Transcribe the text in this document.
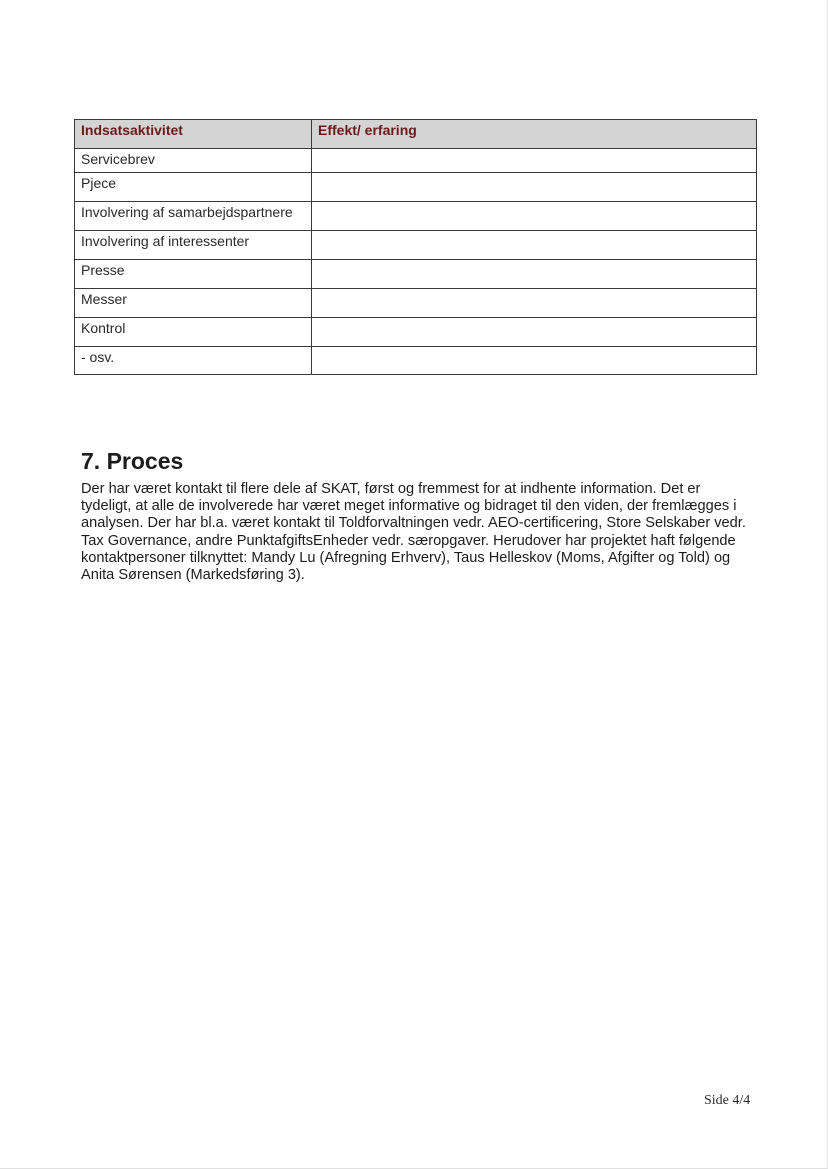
Indsatsaktivitet	Effekt/ erfaring
Servicebrev	
Pjece	
Involvering af samarbejdspartnere	
Involvering af interessenter	
Presse	
Messer	
Kontrol	
- osv.	
7. Proces

Der har været kontakt til flere dele af SKAT, først og fremmest for at indhente information. Det er tydeligt, at alle de involverede har været meget informative og bidraget til den viden, der fremlægges i analysen. Der har bl.a. været kontakt til Toldforvaltningen vedr. AEO-certificering, Store Selskaber vedr. Tax Governance, andre PunktafgiftsEnheder vedr. særopgaver. Herudover har projektet haft følgende kontaktpersoner tilknyttet: Mandy Lu (Afregning Erhverv), Taus Helleskov (Moms, Afgifter og Told) og Anita Sørensen (Markedsføring 3).

Side 4/4
